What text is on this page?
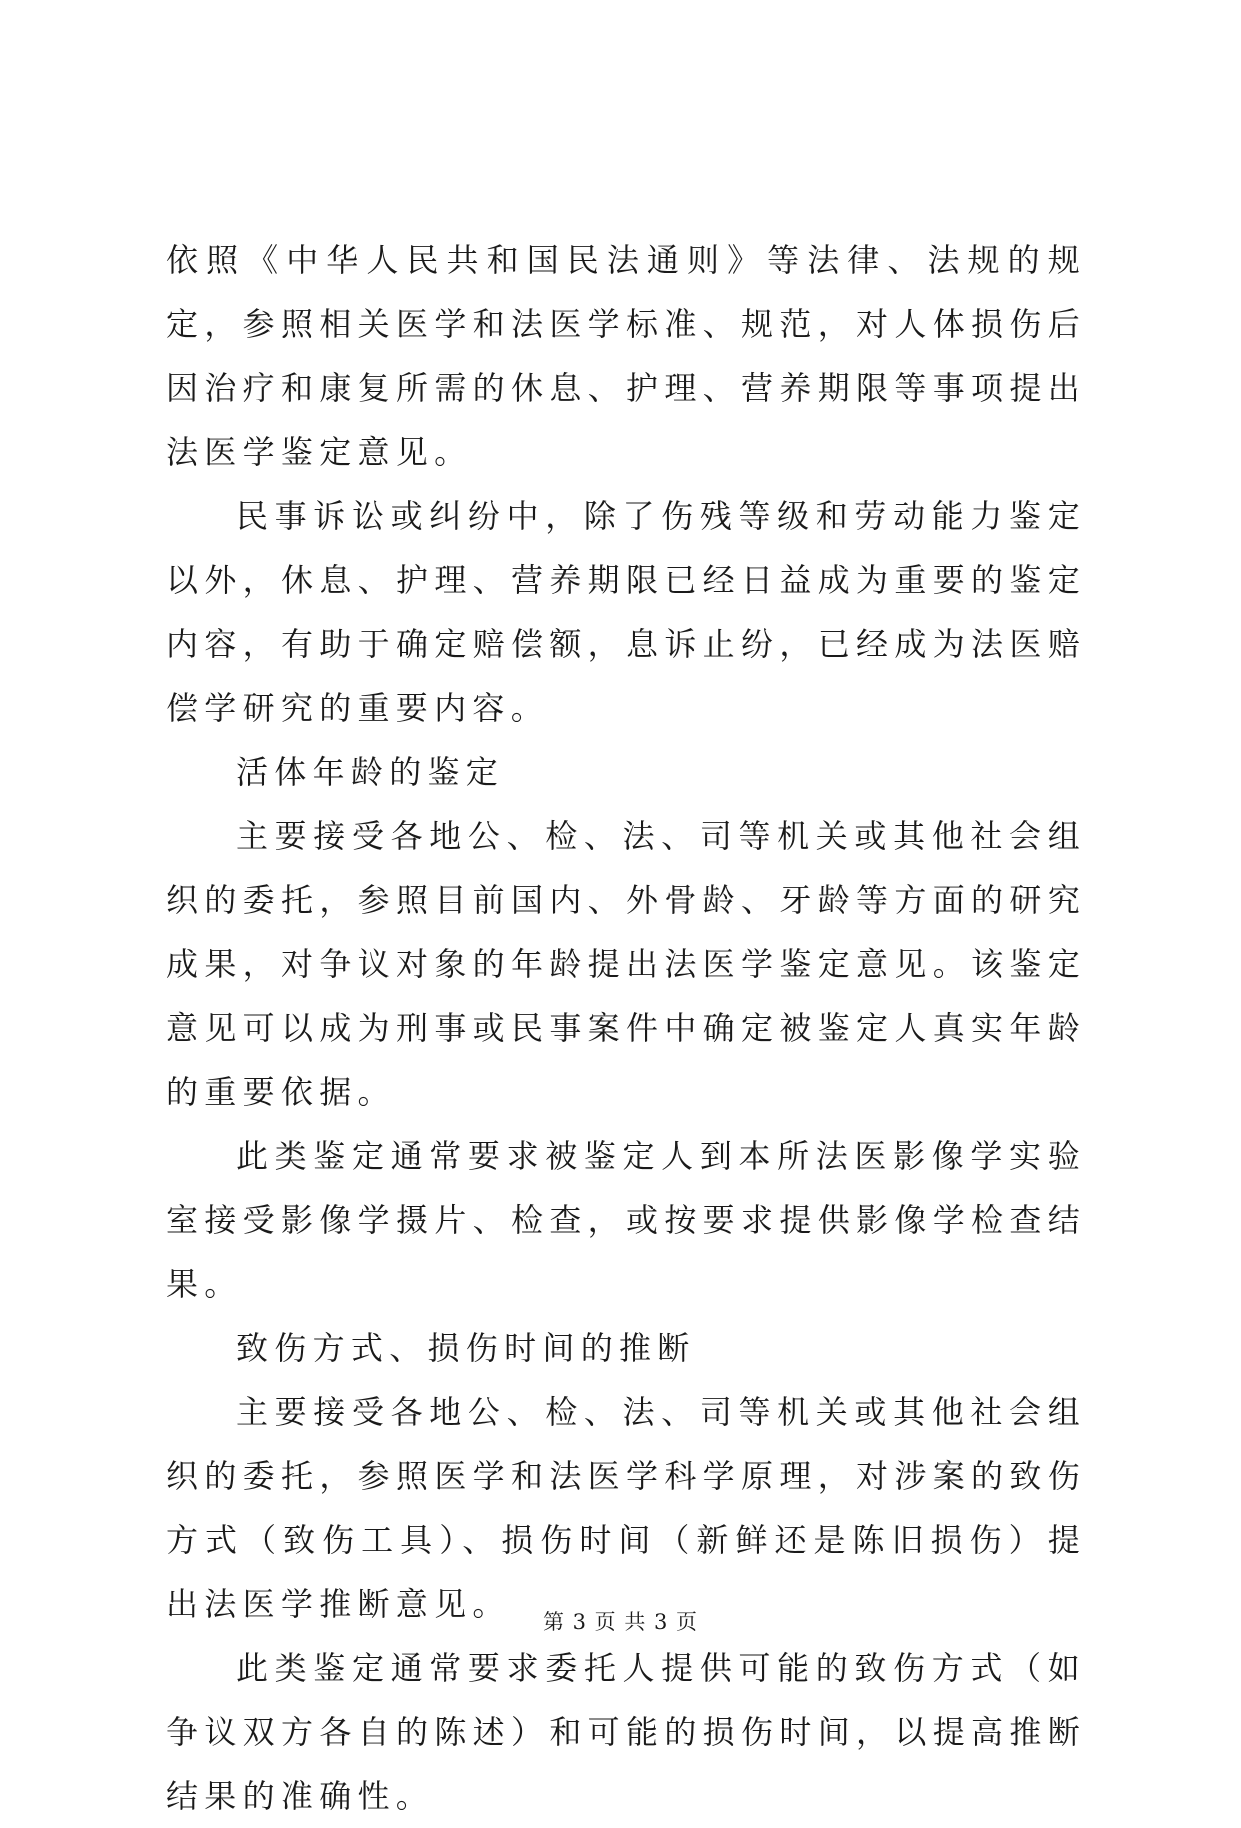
依照《中华人民共和国民法通则》等法律、法规的规定，参照相关医学和法医学标准、规范，对人体损伤后因治疗和康复所需的休息、护理、营养期限等事项提出法医学鉴定意见。

民事诉讼或纠纷中，除了伤残等级和劳动能力鉴定以外，休息、护理、营养期限已经日益成为重要的鉴定内容，有助于确定赔偿额，息诉止纷，已经成为法医赔偿学研究的重要内容。

活体年龄的鉴定

主要接受各地公、检、法、司等机关或其他社会组织的委托，参照目前国内、外骨龄、牙龄等方面的研究成果，对争议对象的年龄提出法医学鉴定意见。该鉴定意见可以成为刑事或民事案件中确定被鉴定人真实年龄的重要依据。

此类鉴定通常要求被鉴定人到本所法医影像学实验室接受影像学摄片、检查，或按要求提供影像学检查结果。

致伤方式、损伤时间的推断

主要接受各地公、检、法、司等机关或其他社会组织的委托，参照医学和法医学科学原理，对涉案的致伤方式（致伤工具）、损伤时间（新鲜还是陈旧损伤）提出法医学推断意见。

此类鉴定通常要求委托人提供可能的致伤方式（如争议双方各自的陈述）和可能的损伤时间，以提高推断结果的准确性。

第 3 页 共 3 页
